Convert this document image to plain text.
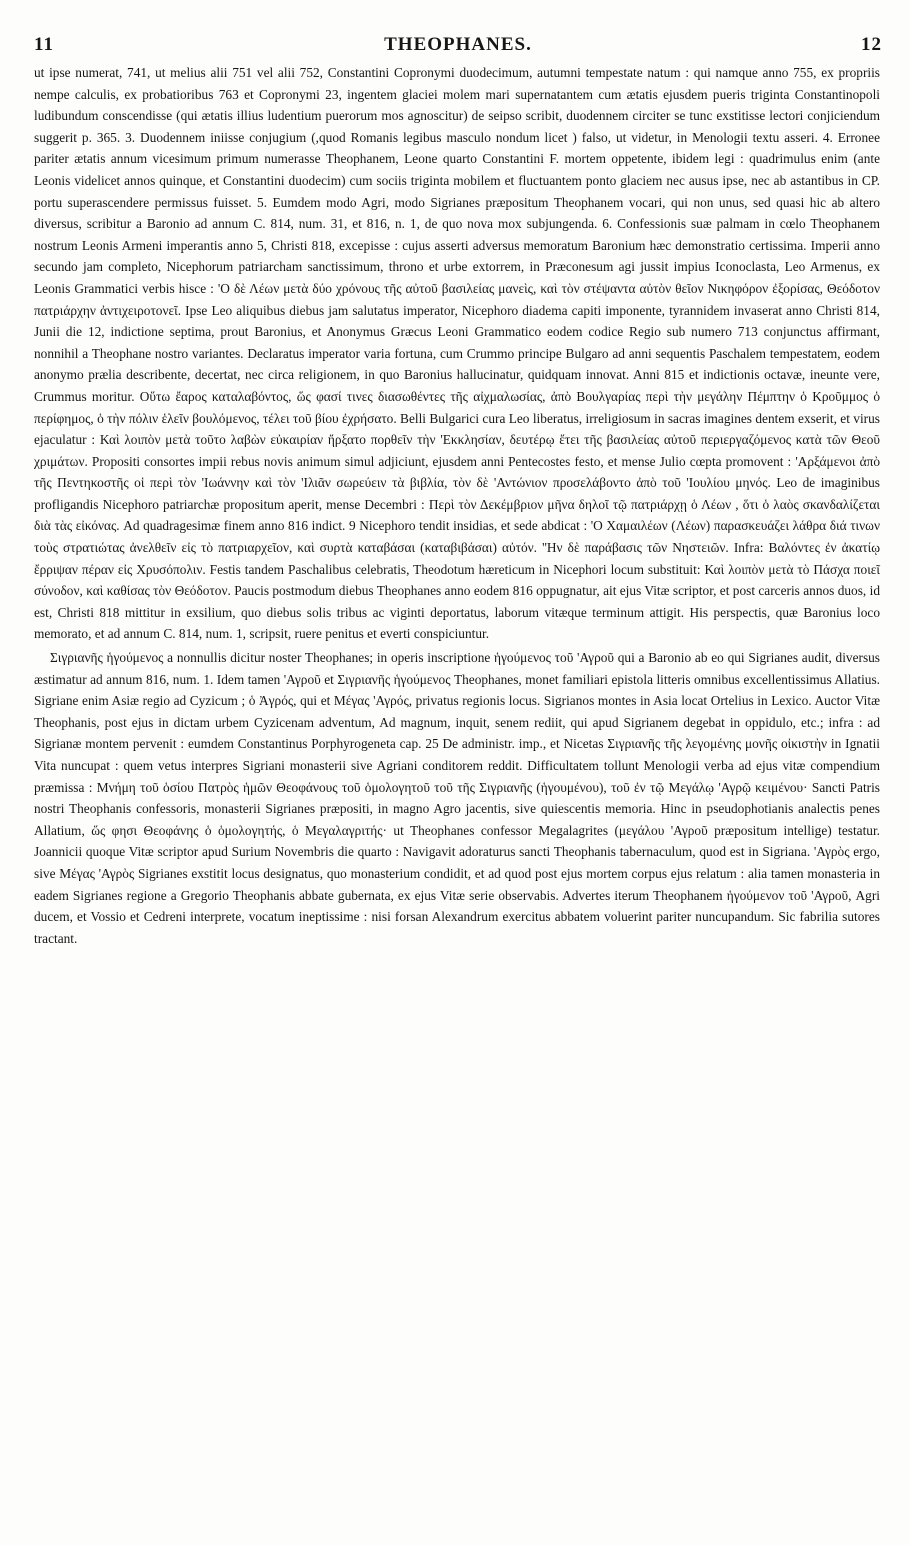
11	THEOPHANES.	12

ut ipse numerat, 741, ut melius alii 751 vel alii 752, Constantini Copronymi duodecimum, autumni tempestate natum : qui namque anno 755, ex propriis nempe calculis, ex probatioribus 763 et Copronymi 23, ingentem glaciei molem mari supernatantem cum ætatis ejusdem pueris triginta Constantinopoli ludibundum conscendisse (qui ætatis illius ludentium puerorum mos agnoscitur) de seipso scribit, duodennem circiter se tunc exstitisse lectori conjiciendum suggerit p. 365. 3. Duodennem iniisse conjugium (,quod Romanis legibus masculo nondum licet ) falso, ut videtur, in Menologii textu asseri. 4. Erronee pariter ætatis annum vicesimum primum numerasse Theophanem, Leone quarto Constantini F. mortem oppetente, ibidem legi : quadrimulus enim (ante Leonis videlicet annos quinque, et Constantini duodecim) cum sociis triginta mobilem et fluctuantem ponto glaciem nec ausus ipse, nec ab astantibus in CP. portu superascendere permissus fuisset. 5. Eumdem modo Agri, modo Sigrianes præpositum Theophanem vocari, qui non unus, sed quasi hic ab altero diversus, scribitur a Baronio ad annum C. 814, num. 31, et 816, n. 1, de quo nova mox subjungenda. 6. Confessionis suæ palmam in cœlo Theophanem nostrum Leonis Armeni imperantis anno 5, Christi 818, excepisse : cujus asserti adversus memoratum Baronium hæc demonstratio certissima. Imperii anno secundo jam completo, Nicephorum patriarcham sanctissimum, throno et urbe extorrem, in Præconesum agi jussit impius Iconoclasta, Leo Armenus, ex Leonis Grammatici verbis hisce : 'Ο δὲ Λέων μετὰ δύο χρόνους τῆς αὐτοῦ βασιλείας μανεὶς, καὶ τὸν στέψαντα αὐτὸν θεῖον Νικηφόρον ἐξορίσας, Θεόδοτον πατριάρχην ἀντιχειροτονεῖ. Ipse Leo aliquibus diebus jam salutatus imperator, Nicephoro diadema capiti imponente, tyrannidem invaserat anno Christi 814, Junii die 12, indictione septima, prout Baronius, et Anonymus Græcus Leoni Grammatico eodem codice Regio sub numero 713 conjunctus affirmant, nonnihil a Theophane nostro variantes. Declaratus imperator varia fortuna, cum Crummo principe Bulgaro ad anni sequentis Paschalem tempestatem, eodem anonymo prælia describente, decertat, nec circa religionem, in quo Baronius hallucinatur, quidquam innovat. Anni 815 et indictionis octavæ, ineunte vere, Crummus moritur. Οὕτω ἔαρος καταλαβόντος, ὥς φασί τινες διασωθέντες τῆς αἰχμαλωσίας, ἀπὸ Βουλγαρίας περὶ τὴν μεγάλην Πέμπτην ὁ Κροῦμμος ὁ περίφημος, ὁ τὴν πόλιν ἑλεῖν βουλόμενος, τέλει τοῦ βίου ἐχρήσατο. Belli Bulgarici cura Leo liberatus, irreligiosum in sacras imagines dentem exserit, et virus ejaculatur : Καὶ λοιπὸν μετὰ τοῦτο λαβὼν εὐκαιρίαν ἤρξατο πορθεῖν τὴν 'Εκκλησίαν, δευτέρῳ ἔτει τῆς βασιλείας αὐτοῦ περιεργαζόμενος κατὰ τῶν Θεοῦ χριμάτων. Propositi consortes impii rebus novis animum simul adjiciunt, ejusdem anni Pentecostes festo, et mense Julio cœpta promovent : 'Αρξάμενοι ἀπὸ τῆς Πεντηκοστῆς οἱ περὶ τὸν 'Ιωάννην καὶ τὸν 'Ιλιᾶν σωρεύειν τὰ βιβλία, τὸν δὲ 'Αντώνιον προσελάβοντο ἀπὸ τοῦ 'Ιουλίου μηνός. Leo de imaginibus profligandis Nicephoro patriarchæ propositum aperit, mense Decembri : Περὶ τὸν Δεκέμβριον μῆνα δηλοῖ τῷ πατριάρχῃ ὁ Λέων , ὅτι ὁ λαὸς σκανδαλίζεται διὰ τὰς εἰκόνας. Ad quadragesimæ finem anno 816 indict. 9 Nicephoro tendit insidias, et sede abdicat : 'Ο Χαμαιλέων (Λέων) παρασκευάζει λάθρα διά τινων τοὺς στρατιώτας ἀνελθεῖν εἰς τὸ πατριαρχεῖον, καὶ συρτὰ καταβάσαι (καταβιβάσαι) αὐτόν. ''Ην δὲ παράβασις τῶν Νηστειῶν. Infra: Βαλόντες ἐν ἀκατίῳ ἔρριψαν πέραν εἰς Χρυσόπολιν. Festis tandem Paschalibus celebratis, Theodotum hæreticum in Nicephori locum substituit: Καὶ λοιπὸν μετὰ τὸ Πάσχα ποιεῖ σύνοδον, καὶ καθίσας τὸν Θεόδοτον. Paucis postmodum diebus Theophanes anno eodem 816 oppugnatur, ait ejus Vitæ scriptor, et post carceris annos duos, id est, Christi 818 mittitur in exsilium, quo diebus solis tribus ac viginti deportatus, laborum vitæque terminum attigit. His perspectis, quæ Baronius loco memorato, et ad annum C. 814, num. 1, scripsit, ruere penitus et everti conspiciuntur.

Σιγριανῆς ἡγούμενος a nonnullis dicitur noster Theophanes; in operis inscriptione ἡγούμενος τοῦ 'Αγροῦ qui a Baronio ab eo qui Sigrianes audit, diversus æstimatur ad annum 816, num. 1. Idem tamen 'Αγροῦ et Σιγριανῆς ἡγούμενος Theophanes, monet familiari epistola litteris omnibus excellentissimus Allatius. Sigriane enim Asiæ regio ad Cyzicum ; ὁ Ἀγρός, qui et Μέγας 'Αγρός, privatus regionis locus. Sigrianos montes in Asia locat Ortelius in Lexico. Auctor Vitæ Theophanis, post ejus in dictam urbem Cyzicenam adventum, Ad magnum, inquit, senem rediit, qui apud Sigrianem degebat in oppidulo, etc.; infra : ad Sigrianæ montem pervenit : eumdem Constantinus Porphyrogeneta cap. 25 De administr. imp., et Nicetas Σιγριανῆς τῆς λεγομένης μονῆς οἰκιστὴν in Ignatii Vita nuncupat : quem vetus interpres Sigriani monasterii sive Agriani conditorem reddit. Difficultatem tollunt Menologii verba ad ejus vitæ compendium præmissa : Μνήμη τοῦ ὁσίου Πατρὸς ἡμῶν Θεοφάνους τοῦ ὁμολογητοῦ τοῦ τῆς Σιγριανῆς (ἡγουμένου), τοῦ ἐν τῷ Μεγάλῳ 'Αγρῷ κειμένου· Sancti Patris nostri Theophanis confessoris, monasterii Sigrianes præpositi, in magno Agro jacentis, sive quiescentis memoria. Hinc in pseudophotianis analectis penes Allatium, ὥς φησι Θεοφάνης ὁ ὁμολογητής, ὁ Μεγαλαγριτής· ut Theophanes confessor Megalagrites (μεγάλου 'Αγροῦ præpositum intellige) testatur. Joannicii quoque Vitæ scriptor apud Surium Novembris die quarto : Navigavit adoraturus sancti Theophanis tabernaculum, quod est in Sigriana. 'Αγρὸς ergo, sive Μέγας 'Αγρὸς Sigrianes exstitit locus designatus, quo monasterium condidit, et ad quod post ejus mortem corpus ejus relatum : alia tamen monasteria in eadem Sigrianes regione a Gregorio Theophanis abbate gubernata, ex ejus Vitæ serie observabis. Advertes iterum Theophanem ἡγούμενον τοῦ 'Αγροῦ, Agri ducem, et Vossio et Cedreni interprete, vocatum ineptissime : nisi forsan Alexandrum exercitus abbatem voluerint pariter nuncupandum. Sic fabrilia sutores tractant.
